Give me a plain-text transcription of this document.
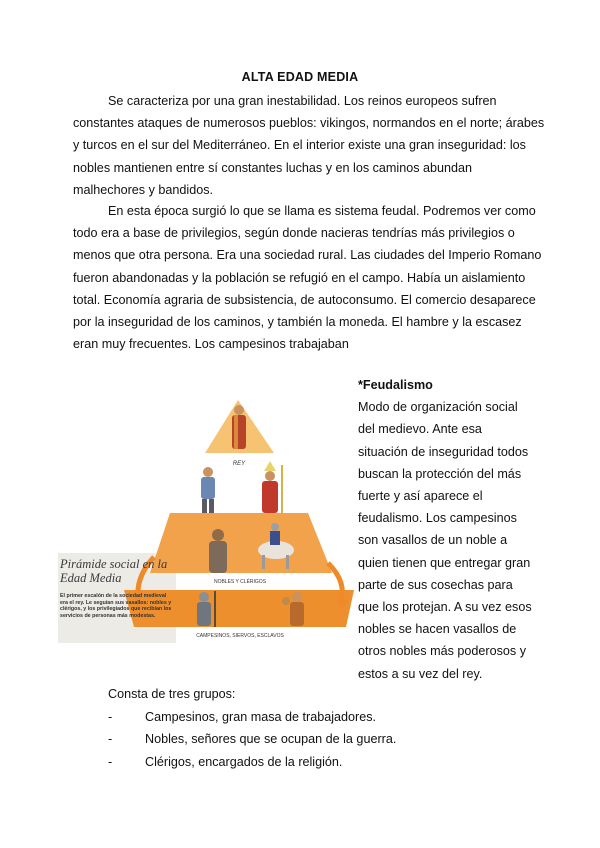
ALTA EDAD MEDIA
Se caracteriza por una gran inestabilidad. Los reinos europeos sufren
constantes ataques de numerosos pueblos: vikingos, normandos en el norte; árabes
y turcos en el sur del Mediterráneo. En el interior existe una gran inseguridad: los
nobles mantienen entre sí constantes luchas y en los caminos abundan
malhechores y bandidos.
En esta época surgió lo que se llama es sistema feudal. Podremos ver como
todo era a base de privilegios, según donde nacieras tendrías más privilegios o
menos que otra persona. Era una sociedad rural. Las ciudades del Imperio Romano
fueron abandonadas y la población se refugió en el campo. Había un aislamiento
total. Economía agraria de subsistencia, de autoconsumo. El comercio desaparece
por la inseguridad de los caminos, y también la moneda. El hambre y la escasez
eran muy frecuentes. Los campesinos trabajaban
REY
NOBLES Y CLÉRIGOS
CAMPESINOS, SIERVOS, ESCLAVOS
Pirámide social en la Edad Media
El primer escalón de la sociedad medieval era el rey. Le seguían sus vasallos: nobles y clérigos, y los privilegiados que recibían los servicios de personas más modestas.
*Feudalismo
Modo de organización social
del medievo. Ante esa
situación de inseguridad todos
buscan la protección del más
fuerte y así aparece el
feudalismo. Los campesinos
son vasallos de un noble a
quien tienen que entregar gran
parte de sus cosechas para
que los protejan. A su vez esos
nobles se hacen vasallos de
otros nobles más poderosos y
estos a su vez del rey.
Consta de tres grupos:
-	Campesinos, gran masa de trabajadores.
-	Nobles, señores que se ocupan de la guerra.
-	Clérigos, encargados de la religión.
